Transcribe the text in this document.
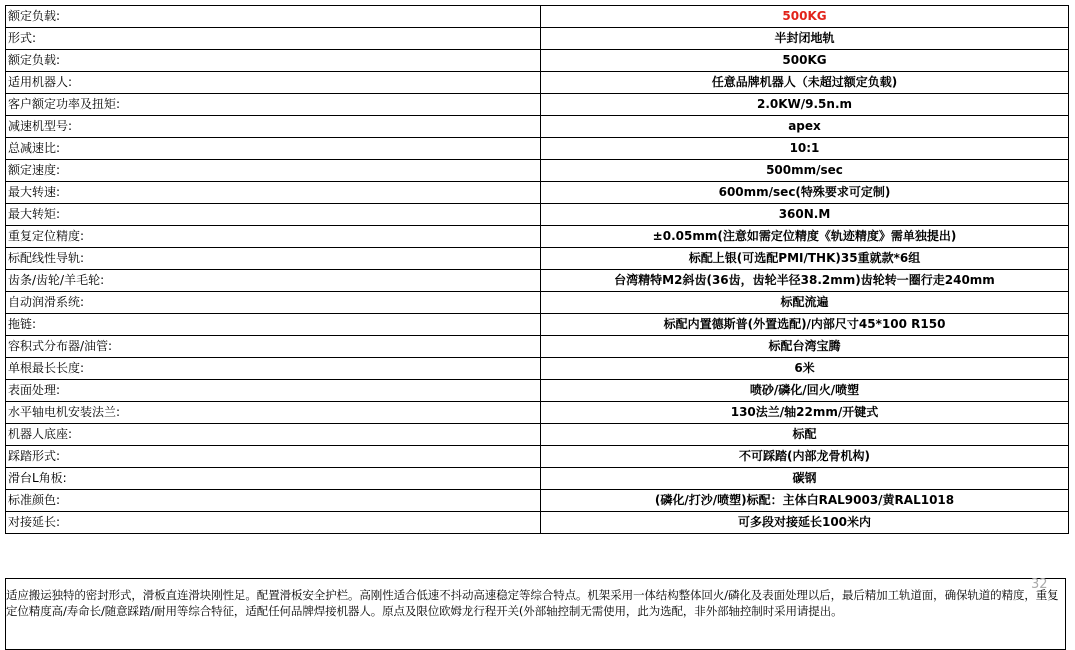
额定负载:	500KG
形式:	半封闭地轨
额定负载:	500KG
适用机器人:	任意品牌机器人（未超过额定负载)
客户额定功率及扭矩:	2.0KW/9.5n.m
减速机型号:	apex
总减速比:	10:1
额定速度:	500mm/sec
最大转速:	600mm/sec(特殊要求可定制)
最大转矩:	360N.M
重复定位精度:	±0.05mm(注意如需定位精度《轨迹精度》需单独提出)
标配线性导轨:	标配上银(可选配PMI/THK)35重就款*6组
齿条/齿轮/羊毛轮:	台湾精特M2斜齿(36齿，齿轮半径38.2mm)齿轮转一圈行走240mm
自动润滑系统:	标配流遍
拖链:	标配内置德斯普(外置选配)/内部尺寸45*100 R150
容积式分布器/油管:	标配台湾宝腾
单根最长长度:	6米
表面处理:	喷砂/磷化/回火/喷塑
水平轴电机安装法兰:	130法兰/轴22mm/开键式
机器人底座:	标配
踩踏形式:	不可踩踏(内部龙骨机构)
滑台L角板:	碳钢
标准颜色:	(磷化/打沙/喷塑)标配：主体白RAL9003/黄RAL1018
对接延长:	可多段对接延长100米内
适应搬运独特的密封形式，滑板直连滑块刚性足。配置滑板安全护栏。高刚性适合低速不抖动高速稳定等综合特点。机架采用一体结构整体回火/磷化及表面处理以后，最后精加工轨道面，确保轨道的精度，重复定位精度高/寿命长/随意踩踏/耐用等综合特征，适配任何品牌焊接机器人。原点及限位欧姆龙行程开关(外部轴控制无需使用，此为选配，非外部轴控制时采用请提出。
32
